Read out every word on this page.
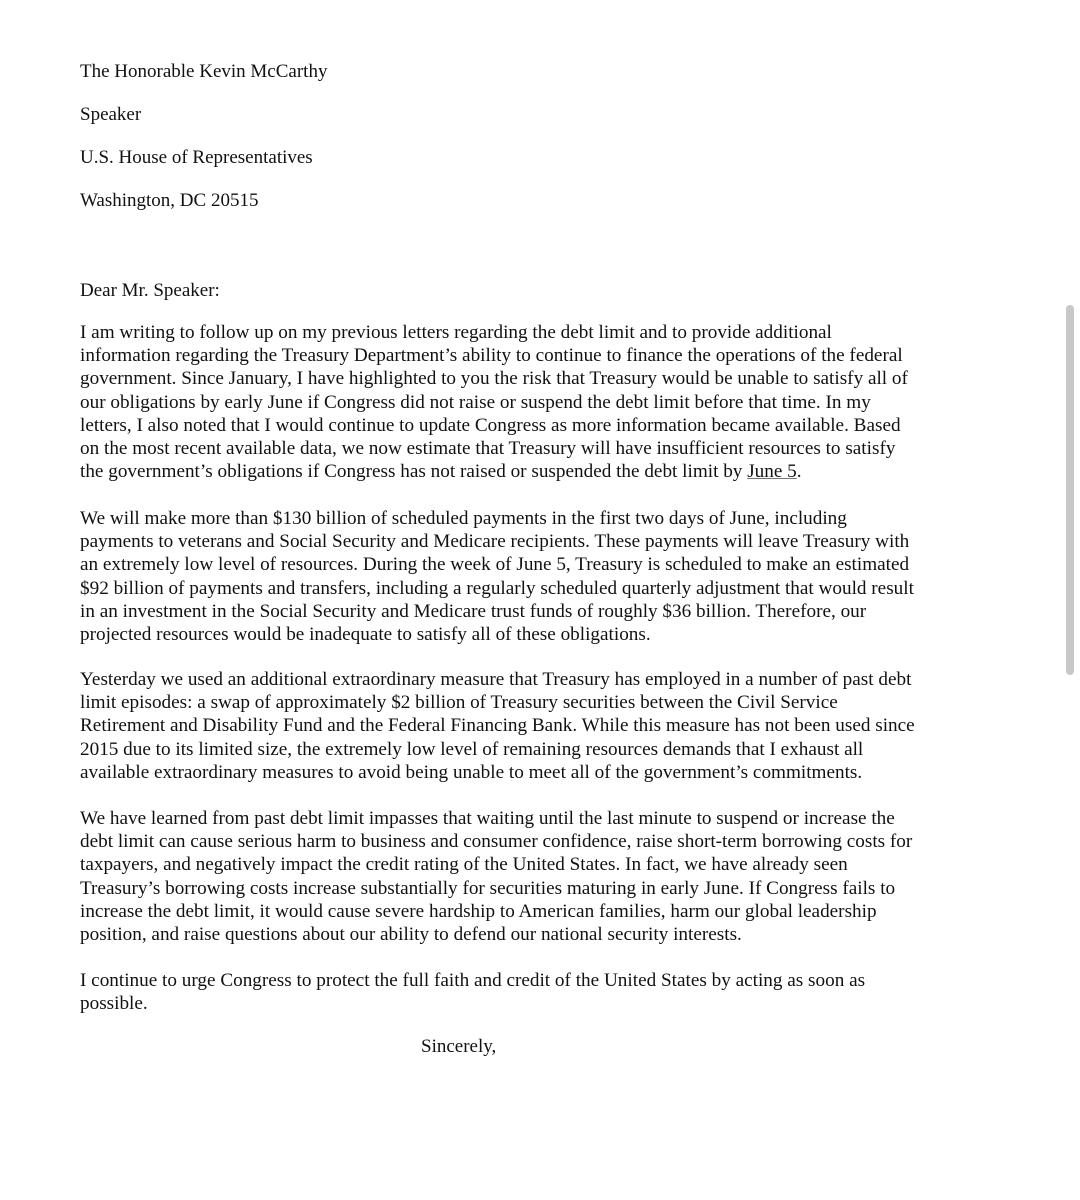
The Honorable Kevin McCarthy

Speaker

U.S. House of Representatives

Washington, DC 20515

Dear Mr. Speaker:

I am writing to follow up on my previous letters regarding the debt limit and to provide additional information regarding the Treasury Department’s ability to continue to finance the operations of the federal government. Since January, I have highlighted to you the risk that Treasury would be unable to satisfy all of our obligations by early June if Congress did not raise or suspend the debt limit before that time. In my letters, I also noted that I would continue to update Congress as more information became available. Based on the most recent available data, we now estimate that Treasury will have insufficient resources to satisfy the government’s obligations if Congress has not raised or suspended the debt limit by June 5.

We will make more than $130 billion of scheduled payments in the first two days of June, including payments to veterans and Social Security and Medicare recipients. These payments will leave Treasury with an extremely low level of resources. During the week of June 5, Treasury is scheduled to make an estimated $92 billion of payments and transfers, including a regularly scheduled quarterly adjustment that would result in an investment in the Social Security and Medicare trust funds of roughly $36 billion. Therefore, our projected resources would be inadequate to satisfy all of these obligations.

Yesterday we used an additional extraordinary measure that Treasury has employed in a number of past debt limit episodes: a swap of approximately $2 billion of Treasury securities between the Civil Service Retirement and Disability Fund and the Federal Financing Bank. While this measure has not been used since 2015 due to its limited size, the extremely low level of remaining resources demands that I exhaust all available extraordinary measures to avoid being unable to meet all of the government’s commitments.

We have learned from past debt limit impasses that waiting until the last minute to suspend or increase the debt limit can cause serious harm to business and consumer confidence, raise short-term borrowing costs for taxpayers, and negatively impact the credit rating of the United States. In fact, we have already seen Treasury’s borrowing costs increase substantially for securities maturing in early June. If Congress fails to increase the debt limit, it would cause severe hardship to American families, harm our global leadership position, and raise questions about our ability to defend our national security interests.

I continue to urge Congress to protect the full faith and credit of the United States by acting as soon as possible.

Sincerely,
